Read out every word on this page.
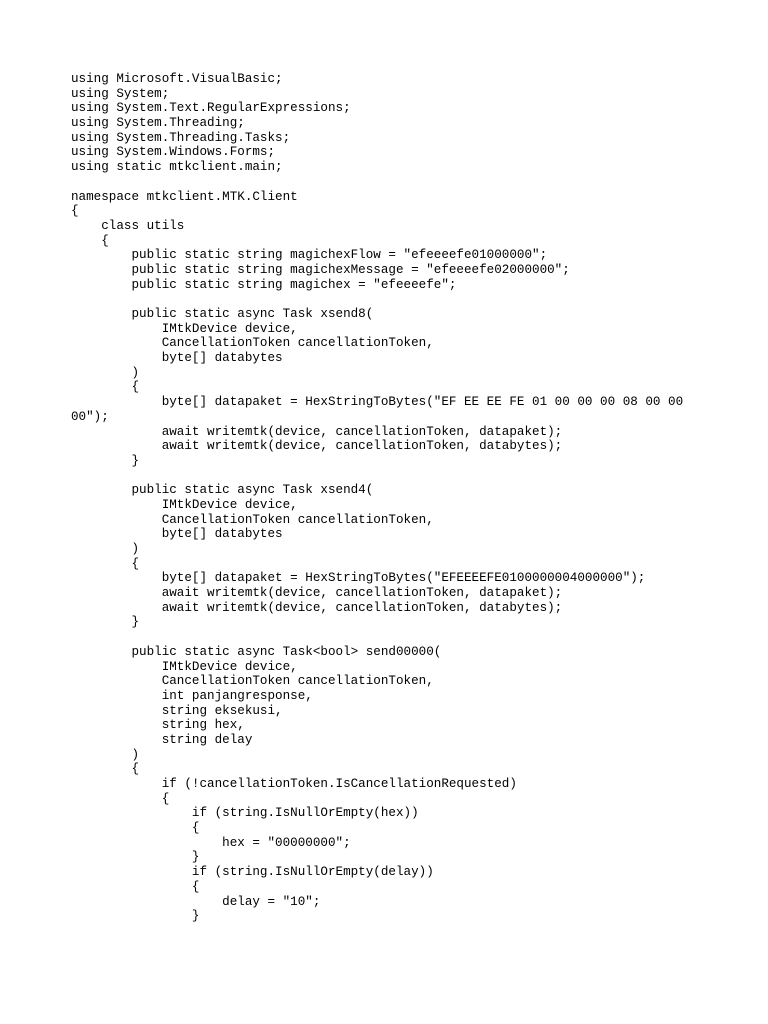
using Microsoft.VisualBasic;
using System;
using System.Text.RegularExpressions;
using System.Threading;
using System.Threading.Tasks;
using System.Windows.Forms;
using static mtkclient.main;
namespace mtkclient.MTK.Client
{
class utils
{
public static string magichexFlow = "efeeeefe01000000";
public static string magichexMessage = "efeeeefe02000000";
public static string magichex = "efeeeefe";
public static async Task xsend8(
IMtkDevice device,
CancellationToken cancellationToken,
byte[] databytes
)
{
byte[] datapaket = HexStringToBytes("EF EE EE FE 01 00 00 00 08 00 00
00");
await writemtk(device, cancellationToken, datapaket);
await writemtk(device, cancellationToken, databytes);
}
public static async Task xsend4(
IMtkDevice device,
CancellationToken cancellationToken,
byte[] databytes
)
{
byte[] datapaket = HexStringToBytes("EFEEEEFE0100000004000000");
await writemtk(device, cancellationToken, datapaket);
await writemtk(device, cancellationToken, databytes);
}
public static async Task<bool> send00000(
IMtkDevice device,
CancellationToken cancellationToken,
int panjangresponse,
string eksekusi,
string hex,
string delay
)
{
if (!cancellationToken.IsCancellationRequested)
{
if (string.IsNullOrEmpty(hex))
{
hex = "00000000";
}
if (string.IsNullOrEmpty(delay))
{
delay = "10";
}
